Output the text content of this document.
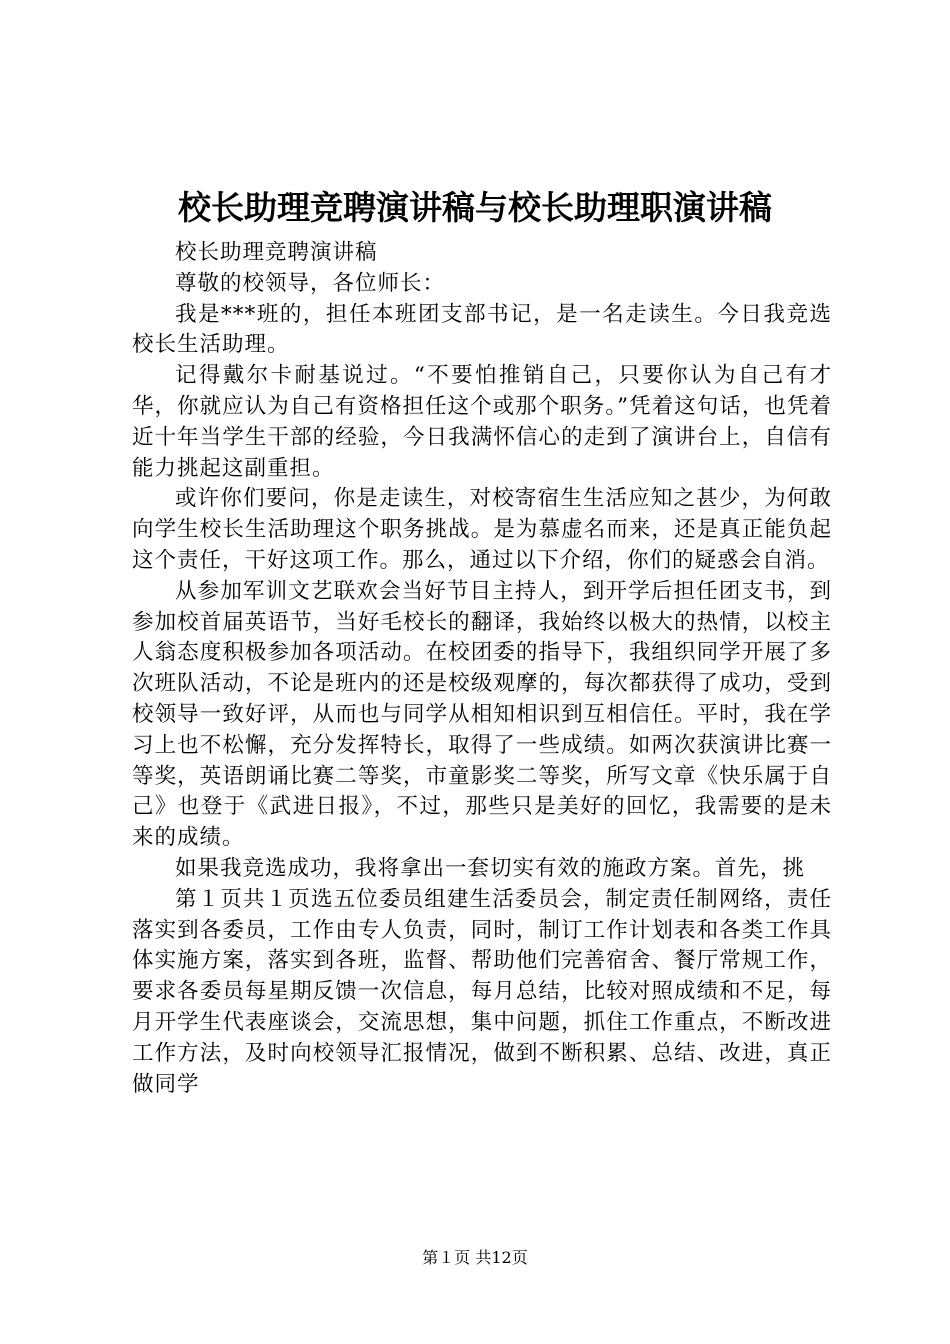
校长助理竞聘演讲稿与校长助理职演讲稿

校长助理竞聘演讲稿

尊敬的校领导，各位师长：

我是***班的，担任本班团支部书记，是一名走读生。今日我竞选校长生活助理。

记得戴尔卡耐基说过。“不要怕推销自己，只要你认为自己有才华，你就应认为自己有资格担任这个或那个职务。”凭着这句话，也凭着近十年当学生干部的经验，今日我满怀信心的走到了演讲台上，自信有能力挑起这副重担。

或许你们要问，你是走读生，对校寄宿生生活应知之甚少，为何敢向学生校长生活助理这个职务挑战。是为慕虚名而来，还是真正能负起这个责任，干好这项工作。那么，通过以下介绍，你们的疑惑会自消。

从参加军训文艺联欢会当好节目主持人，到开学后担任团支书，到参加校首届英语节，当好毛校长的翻译，我始终以极大的热情，以校主人翁态度积极参加各项活动。在校团委的指导下，我组织同学开展了多次班队活动，不论是班内的还是校级观摩的，每次都获得了成功，受到校领导一致好评，从而也与同学从相知相识到互相信任。平时，我在学习上也不松懈，充分发挥特长，取得了一些成绩。如两次获演讲比赛一等奖，英语朗诵比赛二等奖，市童影奖二等奖，所写文章《快乐属于自己》也登于《武进日报》，不过，那些只是美好的回忆，我需要的是未来的成绩。

如果我竞选成功，我将拿出一套切实有效的施政方案。首先，挑

第１页共１页选五位委员组建生活委员会，制定责任制网络，责任落实到各委员，工作由专人负责，同时，制订工作计划表和各类工作具体实施方案，落实到各班，监督、帮助他们完善宿舍、餐厅常规工作，要求各委员每星期反馈一次信息，每月总结，比较对照成绩和不足，每月开学生代表座谈会，交流思想，集中问题，抓住工作重点，不断改进工作方法，及时向校领导汇报情况，做到不断积累、总结、改进，真正做同学

第１页 共12页
